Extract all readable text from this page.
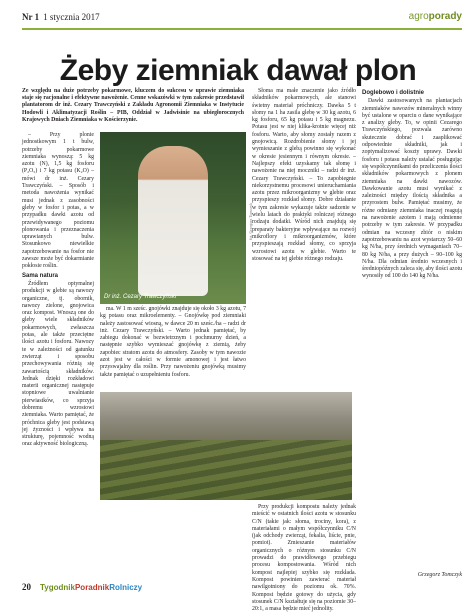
Nr 1 1 stycznia 2017	agroporady
Żeby ziemniak dawał plon
Ze względu na duże potrzeby pokarmowe, kluczem do sukcesu w uprawie ziemniaka staje się racjonalne i efektywne nawożenie. Cenne wskazówki w tym zakresie przedstawił plantatorom dr inż. Cezary Trawczyński z Zakładu Agronomii Ziemniaka w Instytucie Hodowli i Aklimatyzacji Roślin – PIB, Oddział w Jadwisinie na ubiegłorocznych Krajowych Dniach Ziemniaka w Kościerzynie.

– Przy plonie jednostkowym 1 t bulw, potrzeby pokarmowe ziemniaka wynoszą: 5 kg azotu (N), 1,5 kg fosforu (P₂O₅) i 7 kg potasu (K₂O) – mówi dr inż. Cezary Trawczyński. – Sposób i metoda nawożenia wynikać musi jednak z zasobności gleby w fosfor i potas, a w przypadku dawki azotu od przewidywanego poziomu plonowania i przeznaczenia uprawianych bulw. Stosunkowo niewielkie zapotrzebowanie na fosfor nie zawsze może być dokarmianie pokłosie roślin.

Sama natura

Źródłem optymalnej produkcji w glebie są nawozy organiczne, tj. obornik, nawozy zielone, gnojowica oraz kompost. Wnoszą one do gleby wiele składników pokarmowych, zwłaszcza potas, ale także przeciętne ilości azotu i fosforu. Nawozy te w zależności od gatunku zwierząt i sposobu przechowywania różnią się zawartością składników. Jednak dzięki rozkładowi materii organicznej następuje stopniowe uwalnianie pierwiastków, co sprzyja dobremu wzrostowi ziemniaka. Warto pamiętać, że próchnica gleby jest podstawą jej żyzności i wpływa na strukturę, pojemność wodną oraz aktywność biologiczną.

Dr inż. Cezary Trawczyński
fot. Grzegorz Tomczyk

ma. W 1 m sześc. gnojówki znajduje się około 3 kg azotu, 7 kg potasu oraz mikroelementy. – Gnojówkę pod ziemniaki należy zastosować wiosną, w dawce 20 m sześc./ha – radzi dr inż. Cezary Trawczyński. – Warto jednak pamiętać, by zabiegu dokonać w bezwietrznym i pochmurny dzień, a następnie szybko wymieszać gnojówkę z ziemią, żeby zapobiec stratom azotu do atmosfery. Zasoby w tym nawozie azot jest w całości w formie amonowej i jest łatwo przyswajalny dla roślin. Przy nawożeniu gnojówką musimy także pamiętać o uzupełnieniu fosforu.

Słoma ma małe znaczenie jako źródło składników pokarmowych, ale stanowi świetny materiał próchniczy. Dawka 5 t słomy na 1 ha zasila glebę w 30 kg azotu, 6 kg fosforu, 65 kg potasu i 5 kg magnezu. Potasu jest w niej klika-krotnie więcej niż fosforu. Warto, aby słomy zostały razem z gnojowicą. Rozdrobienie słomy i jej wymieszanie z glebą powinno się wykonać w okresie jesiennym i równym okresie. – Najlepszy efekt uzyskamy tak słomę i nawożenie na niej moczniki – radzi dr inż. Cezary Trawczyński. – To zapobiegnie niekorzystnemu procesowi unieruchamiania azotu przez mikroorganizmy w glebie oraz przyspieszy rozkład słomy. Dobre działanie w tym zakresie wykazuje także sadzenie w wielu latach do praktyki rolniczej różnego rodzaju dodatki. Wśród nich znajdują się preparaty bakteryjne wpływające na rozwój mikroflory i mikroorganizmów, które przyspieszają rozkład słomy, co sprzyja wzrostowi azotu w glebie. Warto te stosować na tej glebie różnego rodzaju.

Przy produkcji kompostu należy jednak mieścić w ostatnich ilości azotu w stosunku C/N (takie jak: słoma, trociny, kora), z materiałami o małym współczynniku C/N (jak odchody zwierząt, fekalia, liście, pnie, pomiot). Zmieszanie materiałów organicznych o różnym stosunku C/N prowadzi do prawidłowego przebiegu procesu kompostowania. Wśród nich kompost najlepiej szybko się rozkłada. Kompost powinien zawierać materiał nawilgotniony do poziomu ok. 70%. Kompost będzie gotowy do użycia, gdy stosunek C/N kształtuje się na poziomie 30–20:1, a masa będzie mieć jednolity.

Doglebowo i dolistnie

Dawki zastosowanych na plantacjach ziemniaków nawozów mineralnych winny być ustalone w oparciu o dane wynikające z analizy gleby. To, w opinii Cezarego Trawczyńskiego, pozwala zarówno skutecznie dobrać i zaaplikować odpowiednie składniki, jak i zoptymalizować koszty uprawy. Dawki fosforu i potasu należy ustalać posługując się współczynnikami do przeliczenia ilości składników pokarmowych z plonem ziemniaka na dawki nawozów. Dawkowanie azotu musi wynikać z zależności między ilością składnika a przyrostem bulw. Pamiętać musimy, że różne odmiany ziemniaka inaczej reagują na nawożenie azotem i mają odmienne potrzeby w tym zakresie. W przypadku odmian na wczesny zbiór o niskim zapotrzebowaniu na azot wystarczy 50–60 kg N/ha, przy średnich wymaganiach 70–80 kg N/ha, a przy dużych – 90–100 kg N/ha. Dla odmian średnio wczesnych i średniopóźnych zaleca się, aby ilości azotu wynosiły od 100 do 140 kg N/ha.

Grzegorz Tomczyk
20 TygodnikPoradnikRolniczy
